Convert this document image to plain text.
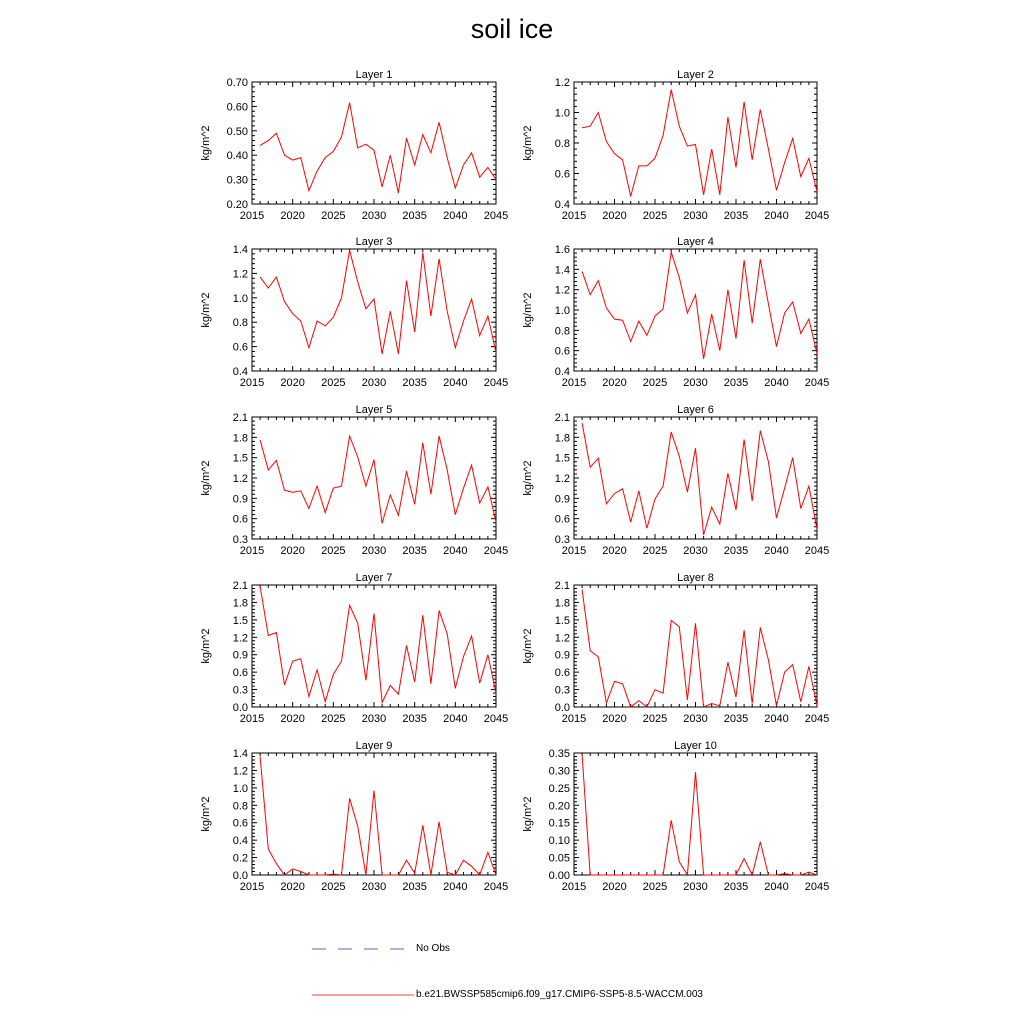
soil ice
Layer 1
kg/m^2
2015 2020 2025 2030 2035 2040 2045
0.20
0.30
0.40
0.50
0.60
0.70
Layer 2
kg/m^2
2015 2020 2025 2030 2035 2040 2045
0.4
0.6
0.8
1.0
1.2
Layer 3
kg/m^2
2015 2020 2025 2030 2035 2040 2045
0.4
0.6
0.8
1.0
1.2
1.4
Layer 4
kg/m^2
2015 2020 2025 2030 2035 2040 2045
0.4
0.6
0.8
1.0
1.2
1.4
1.6
Layer 5
kg/m^2
2015 2020 2025 2030 2035 2040 2045
0.3
0.6
0.9
1.2
1.5
1.8
2.1
Layer 6
kg/m^2
2015 2020 2025 2030 2035 2040 2045
0.3
0.6
0.9
1.2
1.5
1.8
2.1
Layer 7
kg/m^2
2015 2020 2025 2030 2035 2040 2045
0.0
0.3
0.6
0.9
1.2
1.5
1.8
2.1
Layer 8
kg/m^2
2015 2020 2025 2030 2035 2040 2045
0.0
0.3
0.6
0.9
1.2
1.5
1.8
2.1
Layer 9
kg/m^2
2015 2020 2025 2030 2035 2040 2045
0.0
0.2
0.4
0.6
0.8
1.0
1.2
1.4
Layer 10
kg/m^2
2015 2020 2025 2030 2035 2040 2045
0.00
0.05
0.10
0.15
0.20
0.25
0.30
0.35
No Obs
b.e21.BWSSP585cmip6.f09_g17.CMIP6-SSP5-8.5-WACCM.003
